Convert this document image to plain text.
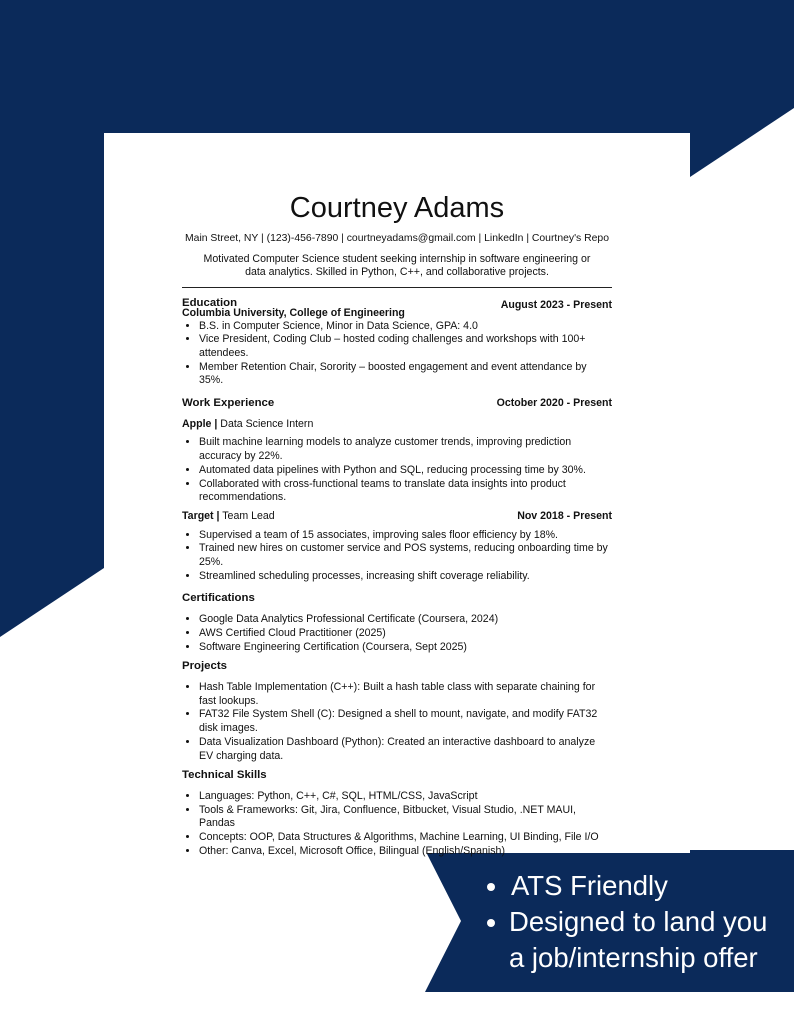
Courtney Adams
Main Street, NY | (123)-456-7890 | courtneyadams@gmail.com | LinkedIn | Courtney's Repo
Motivated Computer Science student seeking internship in software engineering or data analytics. Skilled in Python, C++, and collaborative projects.
Education
Columbia University, College of Engineering
August 2023 - Present
• B.S. in Computer Science, Minor in Data Science, GPA: 4.0
• Vice President, Coding Club – hosted coding challenges and workshops with 100+ attendees.
• Member Retention Chair, Sorority – boosted engagement and event attendance by 35%.
Work Experience	October 2020 - Present
Apple | Data Science Intern
• Built machine learning models to analyze customer trends, improving prediction accuracy by 22%.
• Automated data pipelines with Python and SQL, reducing processing time by 30%.
• Collaborated with cross-functional teams to translate data insights into product recommendations.
Target | Team Lead	Nov 2018 - Present
• Supervised a team of 15 associates, improving sales floor efficiency by 18%.
• Trained new hires on customer service and POS systems, reducing onboarding time by 25%.
• Streamlined scheduling processes, increasing shift coverage reliability.
Certifications
• Google Data Analytics Professional Certificate (Coursera, 2024)
• AWS Certified Cloud Practitioner (2025)
• Software Engineering Certification (Coursera, Sept 2025)
Projects
• Hash Table Implementation (C++): Built a hash table class with separate chaining for fast lookups.
• FAT32 File System Shell (C): Designed a shell to mount, navigate, and modify FAT32 disk images.
• Data Visualization Dashboard (Python): Created an interactive dashboard to analyze EV charging data.
Technical Skills
• Languages: Python, C++, C#, SQL, HTML/CSS, JavaScript
• Tools & Frameworks: Git, Jira, Confluence, Bitbucket, Visual Studio, .NET MAUI, Pandas
• Concepts: OOP, Data Structures & Algorithms, Machine Learning, UI Binding, File I/O
• Other: Canva, Excel, Microsoft Office, Bilingual (English/Spanish)
ATS Friendly
Designed to land you a job/internship offer
